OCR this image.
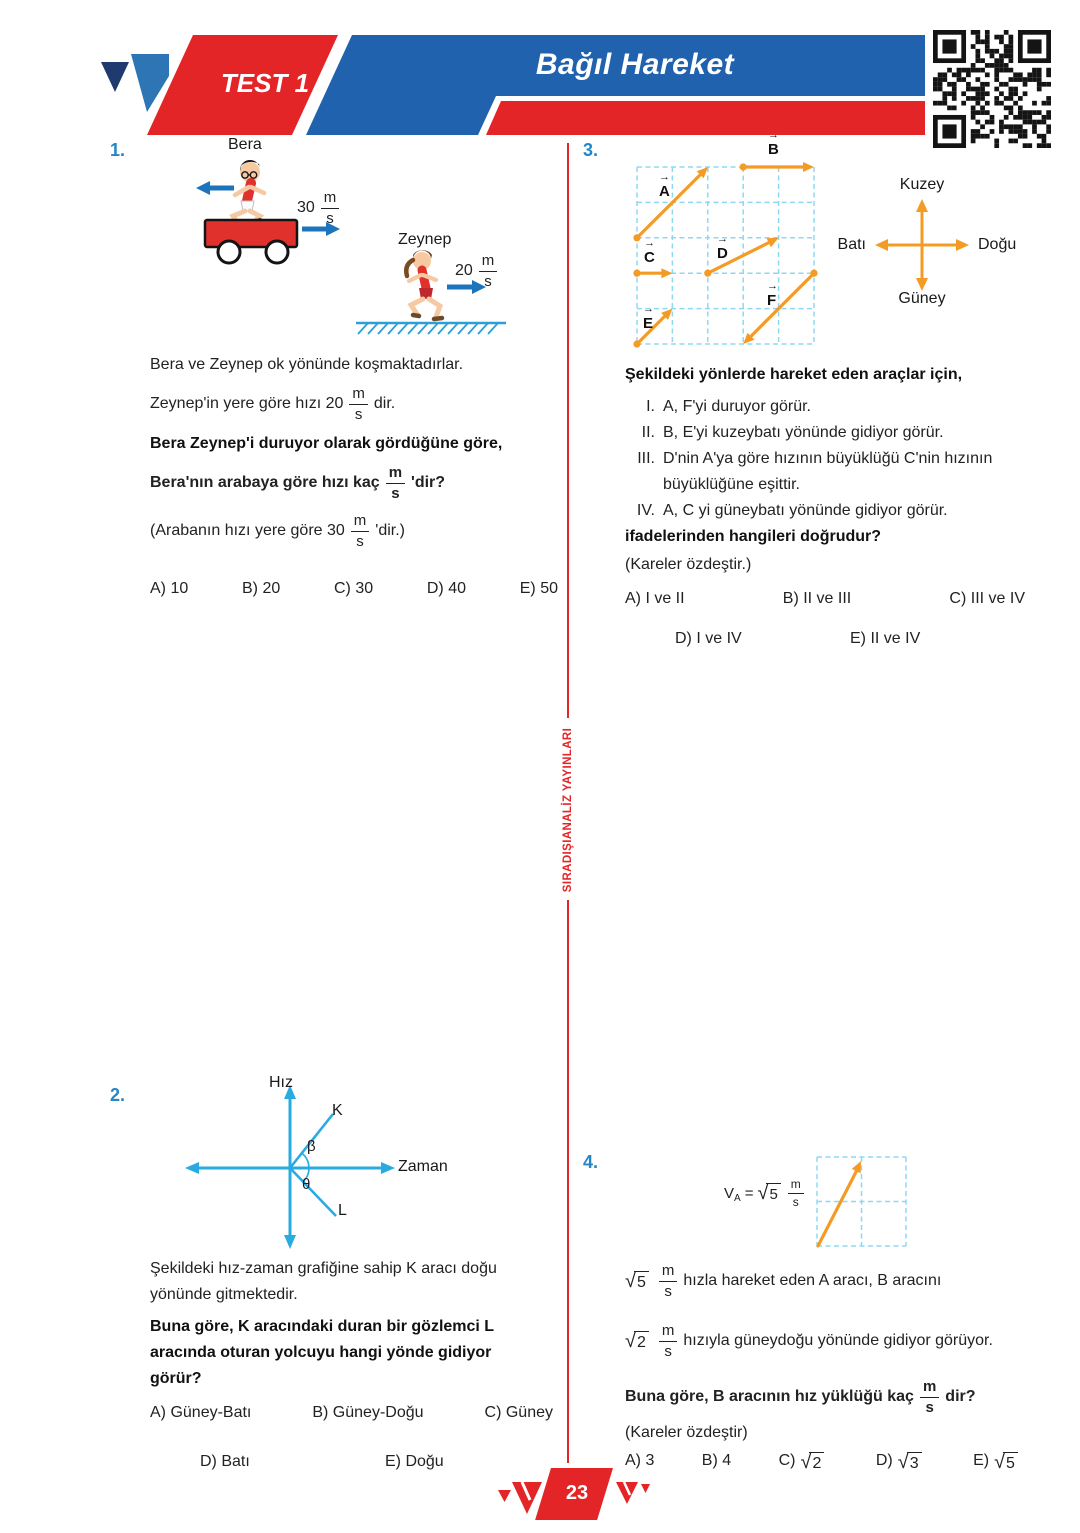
TEST 1
Bağıl Hareket
SIRADIŞIANALİZ YAYINLARI
1.	Bera
$30 \frac{m}{s}$
Zeynep
$20 \frac{m}{s}$
Bera ve Zeynep ok yönünde koşmaktadırlar.
Zeynep'in yere göre hızı $20 \frac{m}{s}$ dir.
Bera Zeynep'i duruyor olarak gördüğüne göre,
Bera'nın arabaya göre hızı kaç $\frac{m}{s}$ 'dir?
(Arabanın hızı yere göre $30 \frac{m}{s}$ 'dir.)
A) 10	B) 20	C) 30	D) 40	E) 50
2.
Hız
Zaman
K
L
β
θ
Şekildeki hız-zaman grafiğine sahip K aracı doğu
yönünde gitmektedir.
Buna göre, K aracındaki duran bir gözlemci L
aracında oturan yolcuyu hangi yönde gidiyor
görür?
A) Güney-Batı	B) Güney-Doğu	C) Güney
D) Batı	E) Doğu
3.
→ A
→ B
→ C	→ D
→ E
→ F
Kuzey
Güney
Batı	Doğu
Şekildeki yönlerde hareket eden araçlar için,
I. A, F'yi duruyor görür.
II. B, E'yi kuzeybatı yönünde gidiyor görür.
III. D'nin A'ya göre hızının büyüklüğü C'nin hızının
büyüklüğüne eşittir.
IV. A, C yi güneybatı yönünde gidiyor görür.
ifadelerinden hangileri doğrudur?
(Kareler özdeştir.)
A) I ve II	B) II ve III	C) III ve IV
D) I ve IV	E) II ve IV
4.
V A = √ $5 \frac{m}{s}$
√ $5 \frac{m}{s}$ hızla hareket eden A aracı, B aracını
√ $2 \frac{m}{s}$ hızıyla güneydoğu yönünde gidiyor görüyor.
Buna göre, B aracının hız yüklüğü kaç $\frac{m}{s}$ dir?
(Kareler özdeştir)
A) 3	B) 4	C) √ 2	D) √ 3	E) √ 5
23
